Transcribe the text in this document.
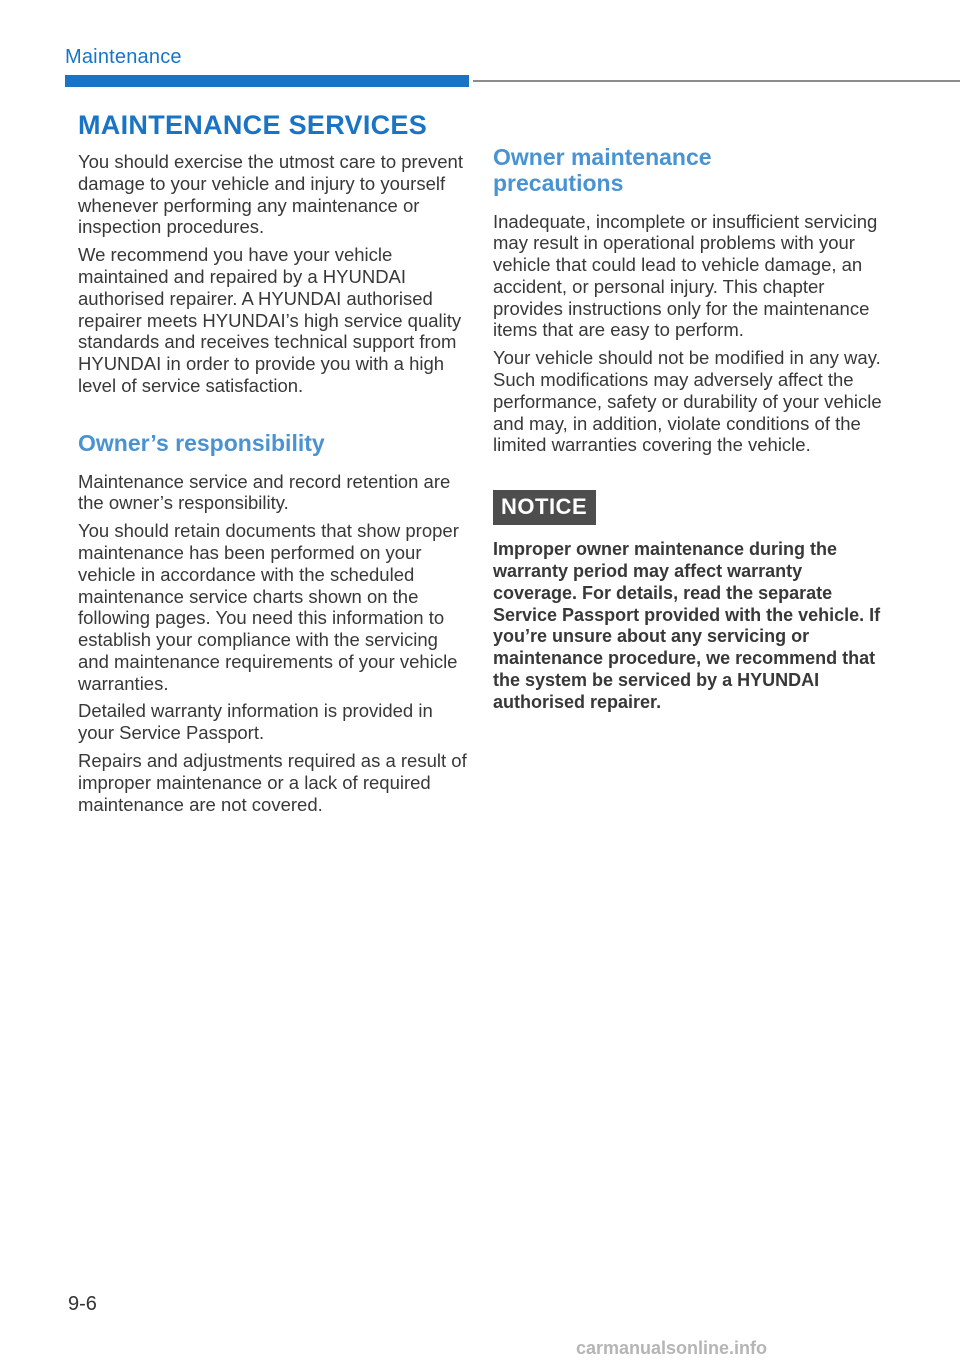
Maintenance
MAINTENANCE SERVICES

You should exercise the utmost care to prevent damage to your vehicle and injury to yourself whenever performing any maintenance or inspection procedures.

We recommend you have your vehicle maintained and repaired by a HYUNDAI authorised repairer. A HYUNDAI authorised repairer meets HYUNDAI’s high service quality standards and receives technical support from HYUNDAI in order to provide you with a high level of service satisfaction.

Owner’s responsibility

Maintenance service and record retention are the owner’s responsibility.

You should retain documents that show proper maintenance has been performed on your vehicle in accordance with the scheduled maintenance service charts shown on the following pages. You need this information to establish your compliance with the servicing and maintenance requirements of your vehicle warranties.

Detailed warranty information is provided in your Service Passport.

Repairs and adjustments required as a result of improper maintenance or a lack of required maintenance are not covered.

Owner maintenance
precautions

Inadequate, incomplete or insufficient servicing may result in operational problems with your vehicle that could lead to vehicle damage, an accident, or personal injury. This chapter provides instructions only for the maintenance items that are easy to perform.

Your vehicle should not be modified in any way. Such modifications may adversely affect the performance, safety or durability of your vehicle and may, in addition, violate conditions of the limited warranties covering the vehicle.

NOTICE
Improper owner maintenance during the warranty period may affect warranty coverage. For details, read the separate Service Passport provided with the vehicle. If you’re unsure about any servicing or maintenance procedure, we recommend that the system be serviced by a HYUNDAI authorised repairer.
9-6
carmanualsonline.info
